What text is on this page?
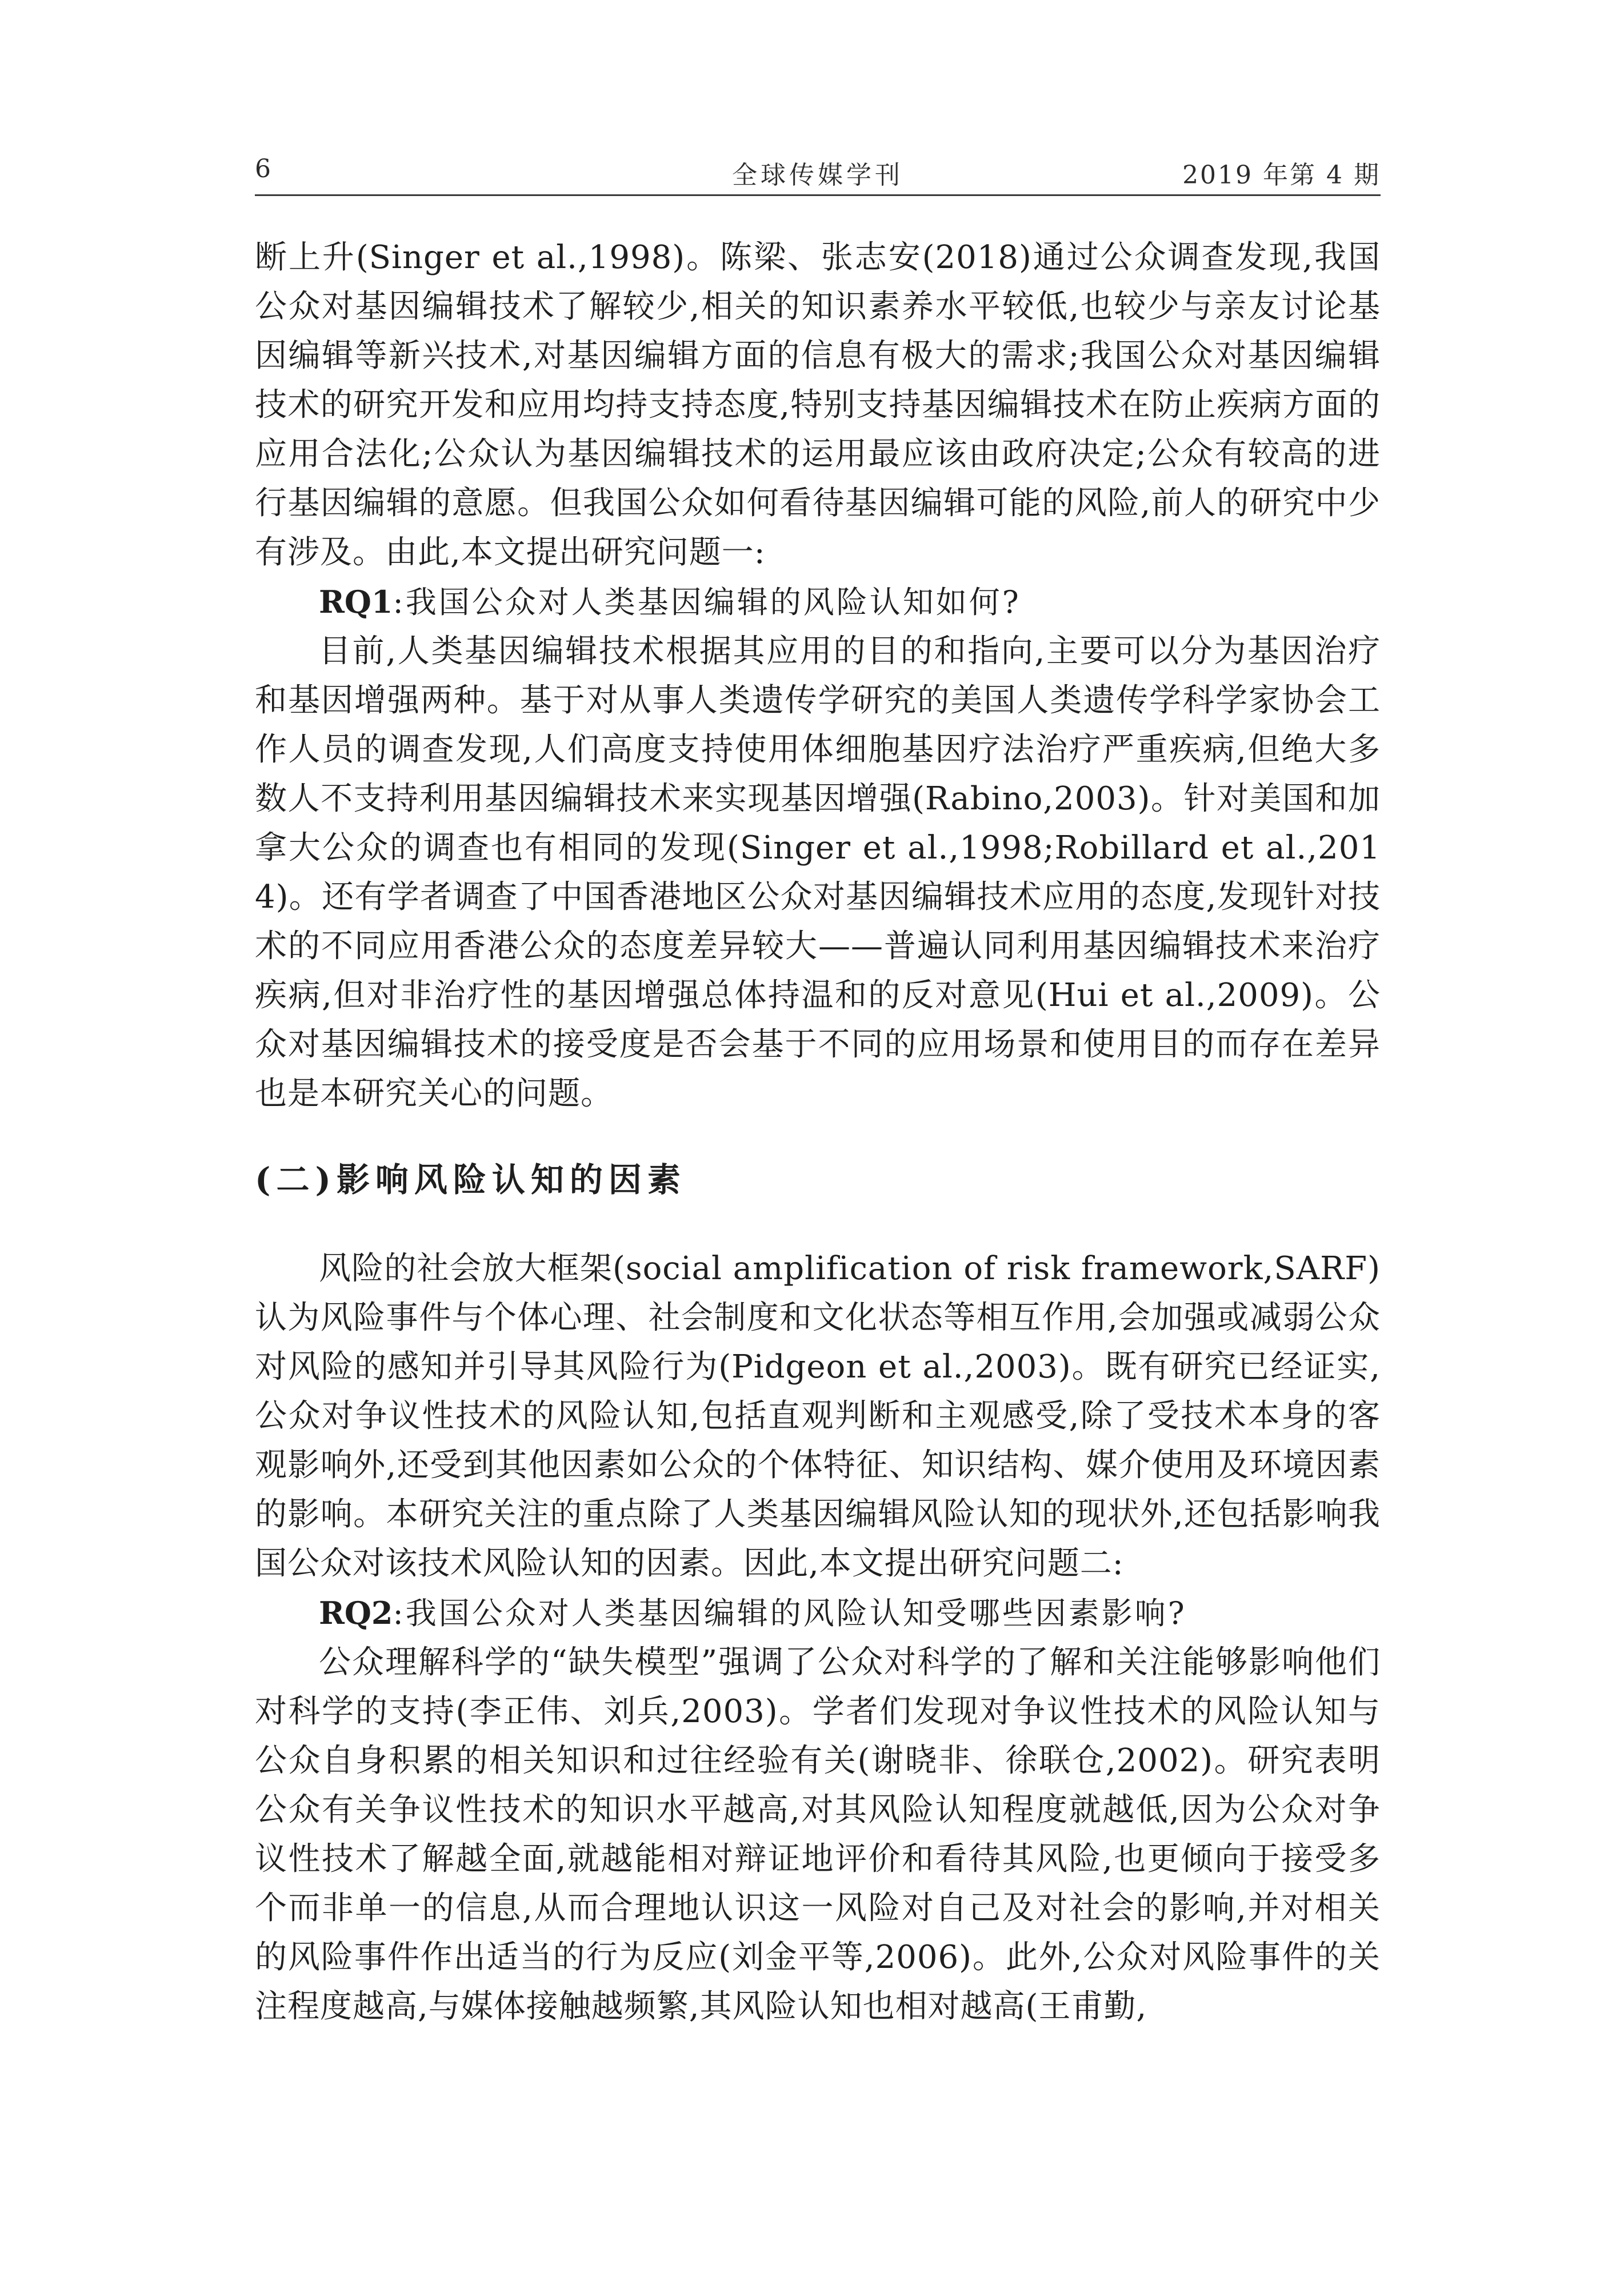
6	全球传媒学刊	2019 年第 4 期

断上升(Singer et al.,1998)。陈梁、张志安(2018)通过公众调查发现,我国公众对基因编辑技术了解较少,相关的知识素养水平较低,也较少与亲友讨论基因编辑等新兴技术,对基因编辑方面的信息有极大的需求;我国公众对基因编辑技术的研究开发和应用均持支持态度,特别支持基因编辑技术在防止疾病方面的应用合法化;公众认为基因编辑技术的运用最应该由政府决定;公众有较高的进行基因编辑的意愿。但我国公众如何看待基因编辑可能的风险,前人的研究中少有涉及。由此,本文提出研究问题一:

RQ1:我国公众对人类基因编辑的风险认知如何?

目前,人类基因编辑技术根据其应用的目的和指向,主要可以分为基因治疗和基因增强两种。基于对从事人类遗传学研究的美国人类遗传学科学家协会工作人员的调查发现,人们高度支持使用体细胞基因疗法治疗严重疾病,但绝大多数人不支持利用基因编辑技术来实现基因增强(Rabino,2003)。针对美国和加拿大公众的调查也有相同的发现(Singer et al.,1998;Robillard et al.,2014)。还有学者调查了中国香港地区公众对基因编辑技术应用的态度,发现针对技术的不同应用香港公众的态度差异较大——普遍认同利用基因编辑技术来治疗疾病,但对非治疗性的基因增强总体持温和的反对意见(Hui et al.,2009)。公众对基因编辑技术的接受度是否会基于不同的应用场景和使用目的而存在差异也是本研究关心的问题。

(二)影响风险认知的因素

风险的社会放大框架(social amplification of risk framework,SARF)认为风险事件与个体心理、社会制度和文化状态等相互作用,会加强或减弱公众对风险的感知并引导其风险行为(Pidgeon et al.,2003)。既有研究已经证实,公众对争议性技术的风险认知,包括直观判断和主观感受,除了受技术本身的客观影响外,还受到其他因素如公众的个体特征、知识结构、媒介使用及环境因素的影响。本研究关注的重点除了人类基因编辑风险认知的现状外,还包括影响我国公众对该技术风险认知的因素。因此,本文提出研究问题二:

RQ2:我国公众对人类基因编辑的风险认知受哪些因素影响?

公众理解科学的“缺失模型”强调了公众对科学的了解和关注能够影响他们对科学的支持(李正伟、刘兵,2003)。学者们发现对争议性技术的风险认知与公众自身积累的相关知识和过往经验有关(谢晓非、徐联仓,2002)。研究表明公众有关争议性技术的知识水平越高,对其风险认知程度就越低,因为公众对争议性技术了解越全面,就越能相对辩证地评价和看待其风险,也更倾向于接受多个而非单一的信息,从而合理地认识这一风险对自己及对社会的影响,并对相关的风险事件作出适当的行为反应(刘金平等,2006)。此外,公众对风险事件的关注程度越高,与媒体接触越频繁,其风险认知也相对越高(王甫勤,
